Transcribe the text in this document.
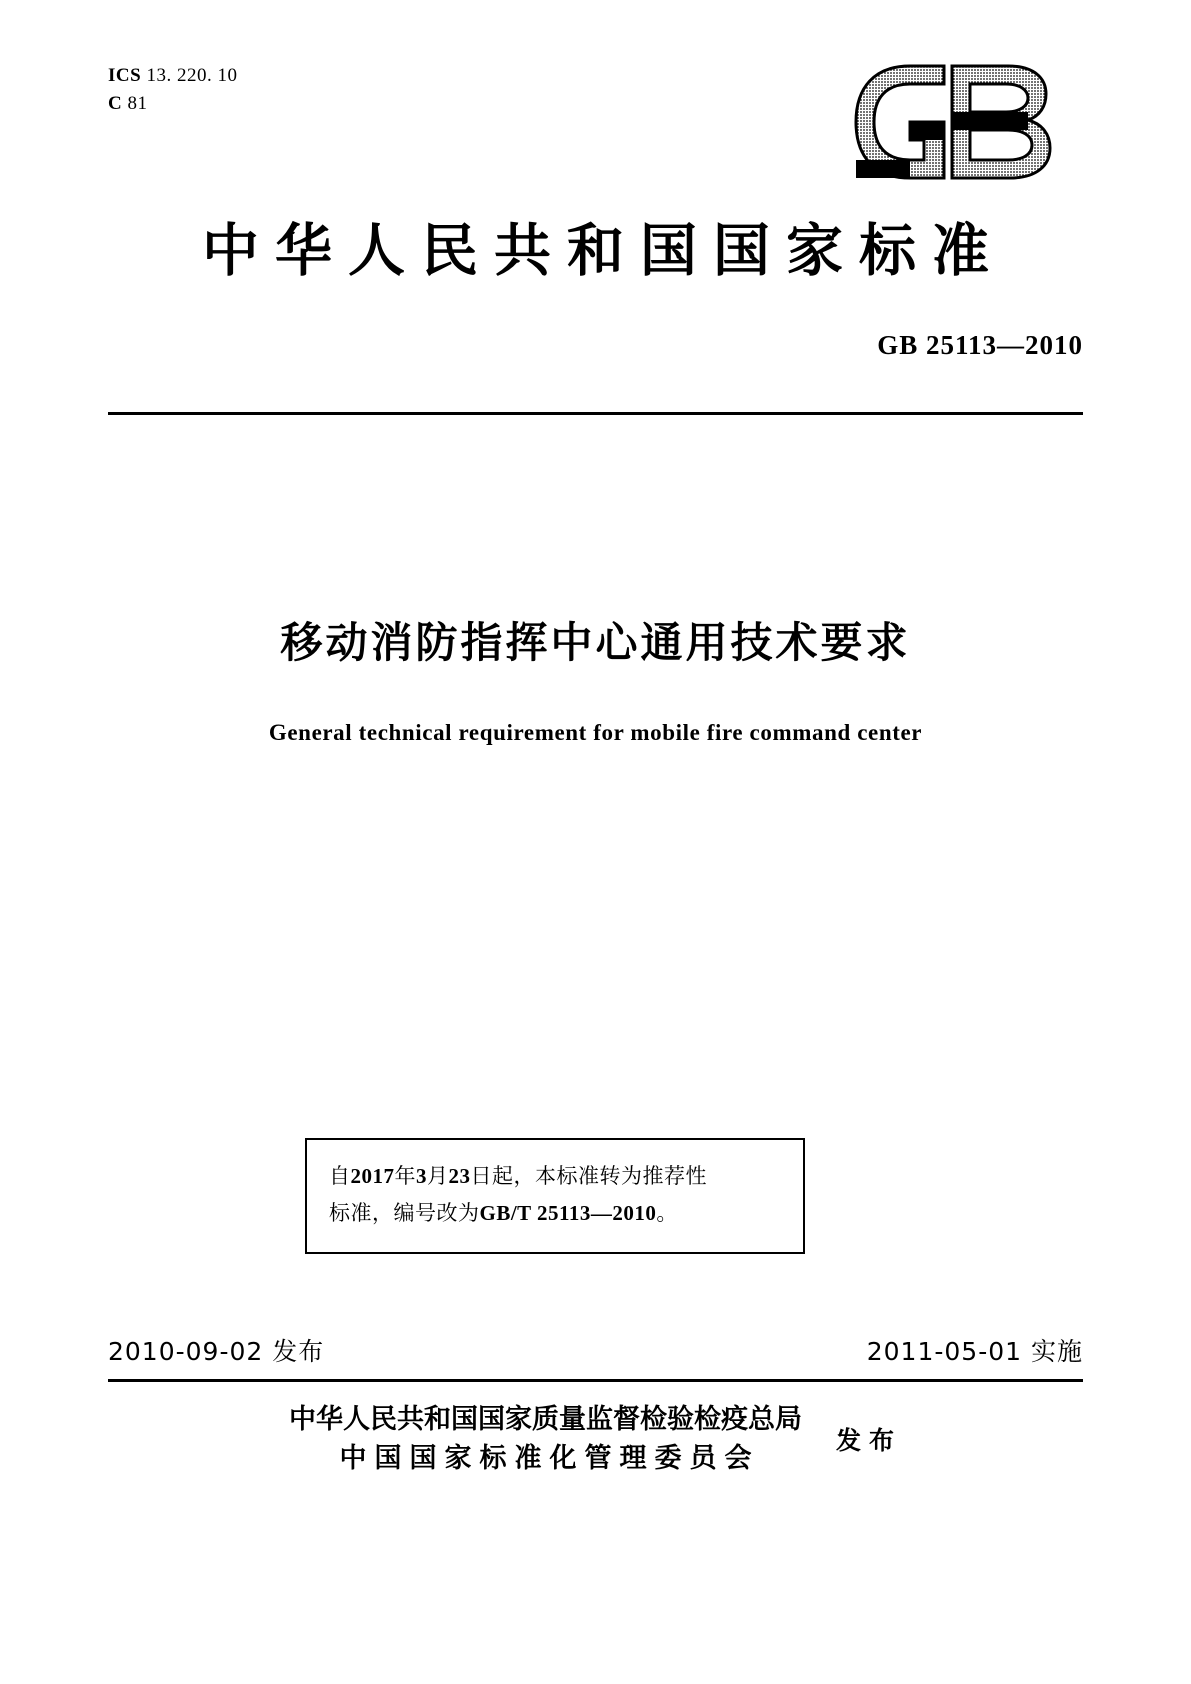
ICS 13. 220. 10
C 81
中华人民共和国国家标准
GB 25113—2010
移动消防指挥中心通用技术要求
General technical requirement for mobile fire command center
自2017年3月23日起，本标准转为推荐性
标准，编号改为GB/T 25113—2010。
2010-09-02 发布	2011-05-01 实施
中华人民共和国国家质量监督检验检疫总局
中国国家标准化管理委员会
发布
